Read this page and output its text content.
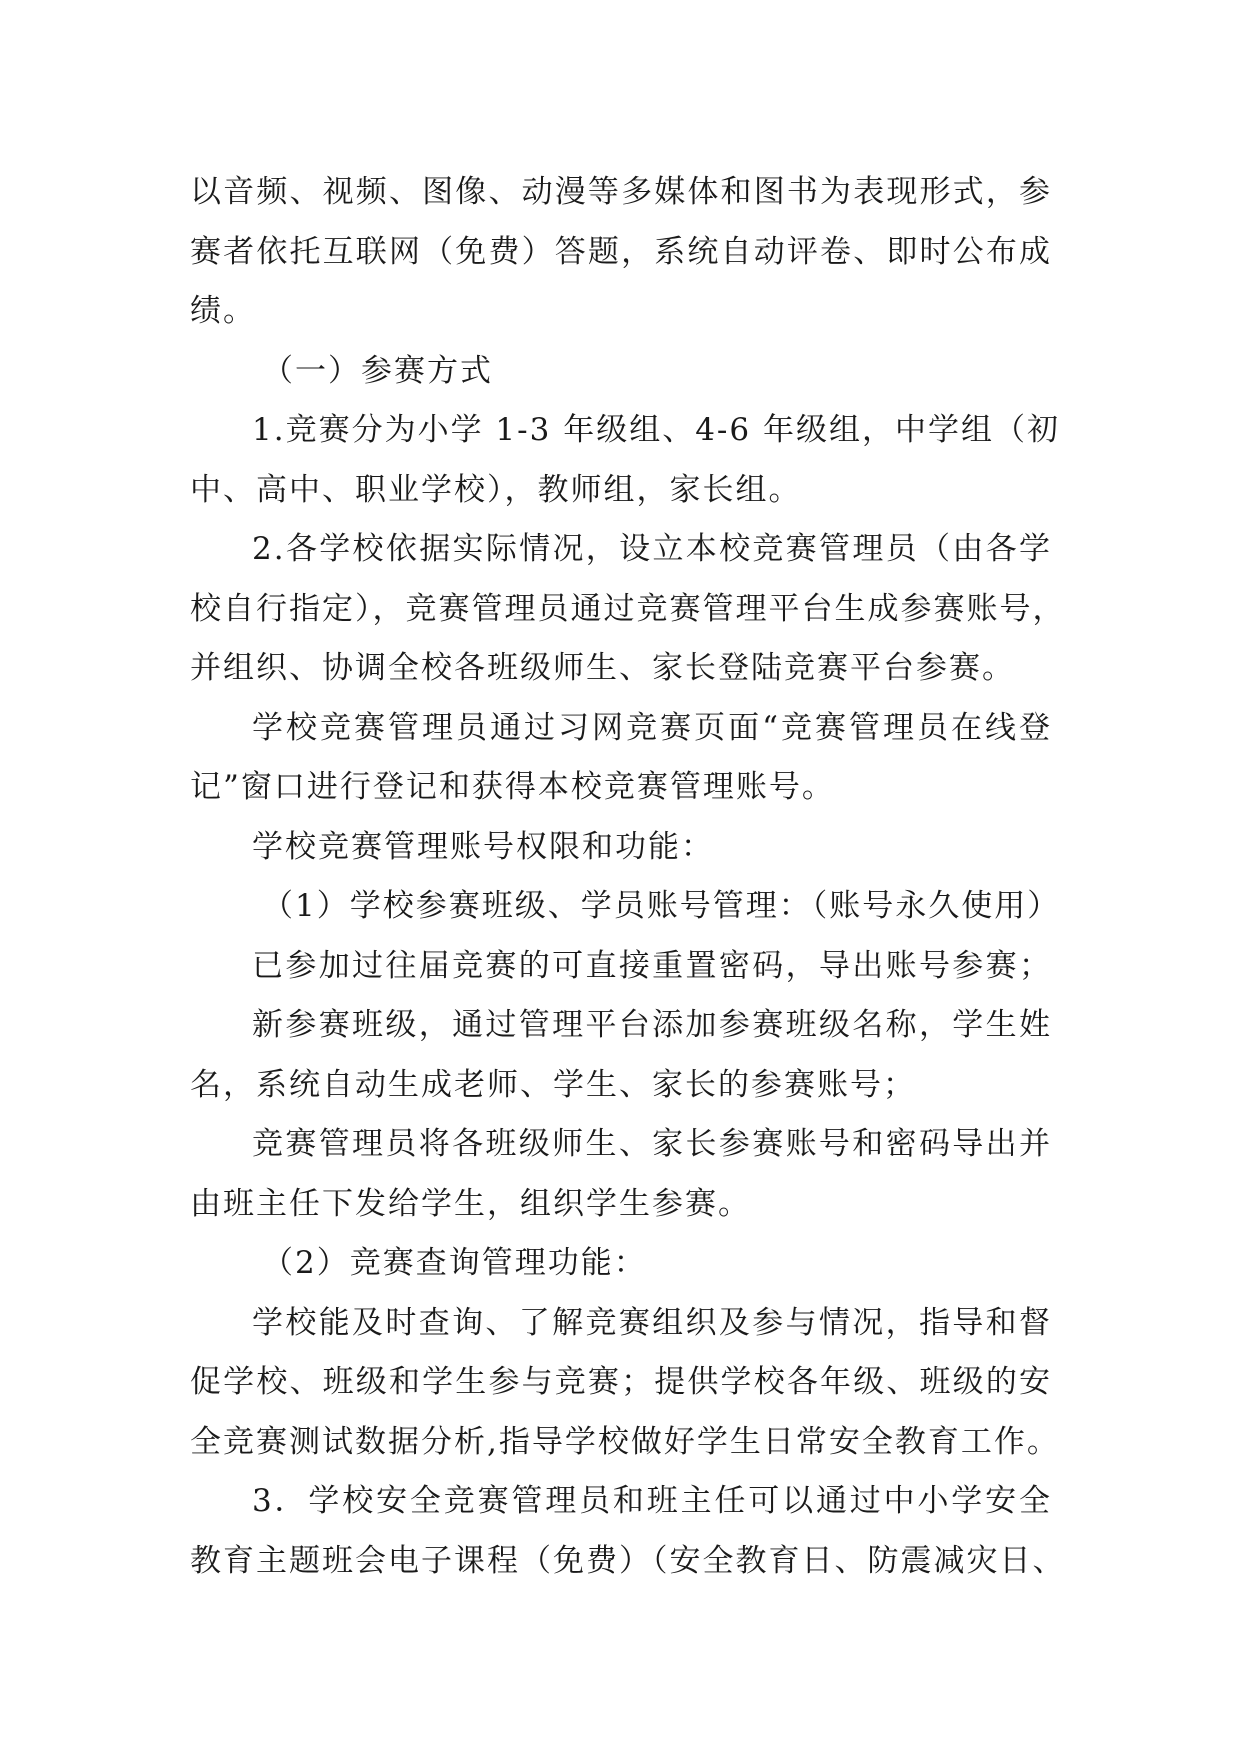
以音频、视频、图像、动漫等多媒体和图书为表现形式，参
赛者依托互联网（免费）答题，系统自动评卷、即时公布成
绩。
（一）参赛方式
1.竞赛分为小学 1-3 年级组、4-6 年级组，中学组（初
中、高中、职业学校），教师组，家长组。
2.各学校依据实际情况，设立本校竞赛管理员（由各学
校自行指定），竞赛管理员通过竞赛管理平台生成参赛账号，
并组织、协调全校各班级师生、家长登陆竞赛平台参赛。
学校竞赛管理员通过习网竞赛页面“竞赛管理员在线登
记”窗口进行登记和获得本校竞赛管理账号。
学校竞赛管理账号权限和功能：
（1）学校参赛班级、学员账号管理：（账号永久使用）
已参加过往届竞赛的可直接重置密码，导出账号参赛；
新参赛班级，通过管理平台添加参赛班级名称，学生姓
名，系统自动生成老师、学生、家长的参赛账号；
竞赛管理员将各班级师生、家长参赛账号和密码导出并
由班主任下发给学生，组织学生参赛。
（2）竞赛查询管理功能：
学校能及时查询、了解竞赛组织及参与情况，指导和督
促学校、班级和学生参与竞赛；提供学校各年级、班级的安
全竞赛测试数据分析,指导学校做好学生日常安全教育工作。
3．学校安全竞赛管理员和班主任可以通过中小学安全
教育主题班会电子课程（免费）（安全教育日、防震减灾日、
